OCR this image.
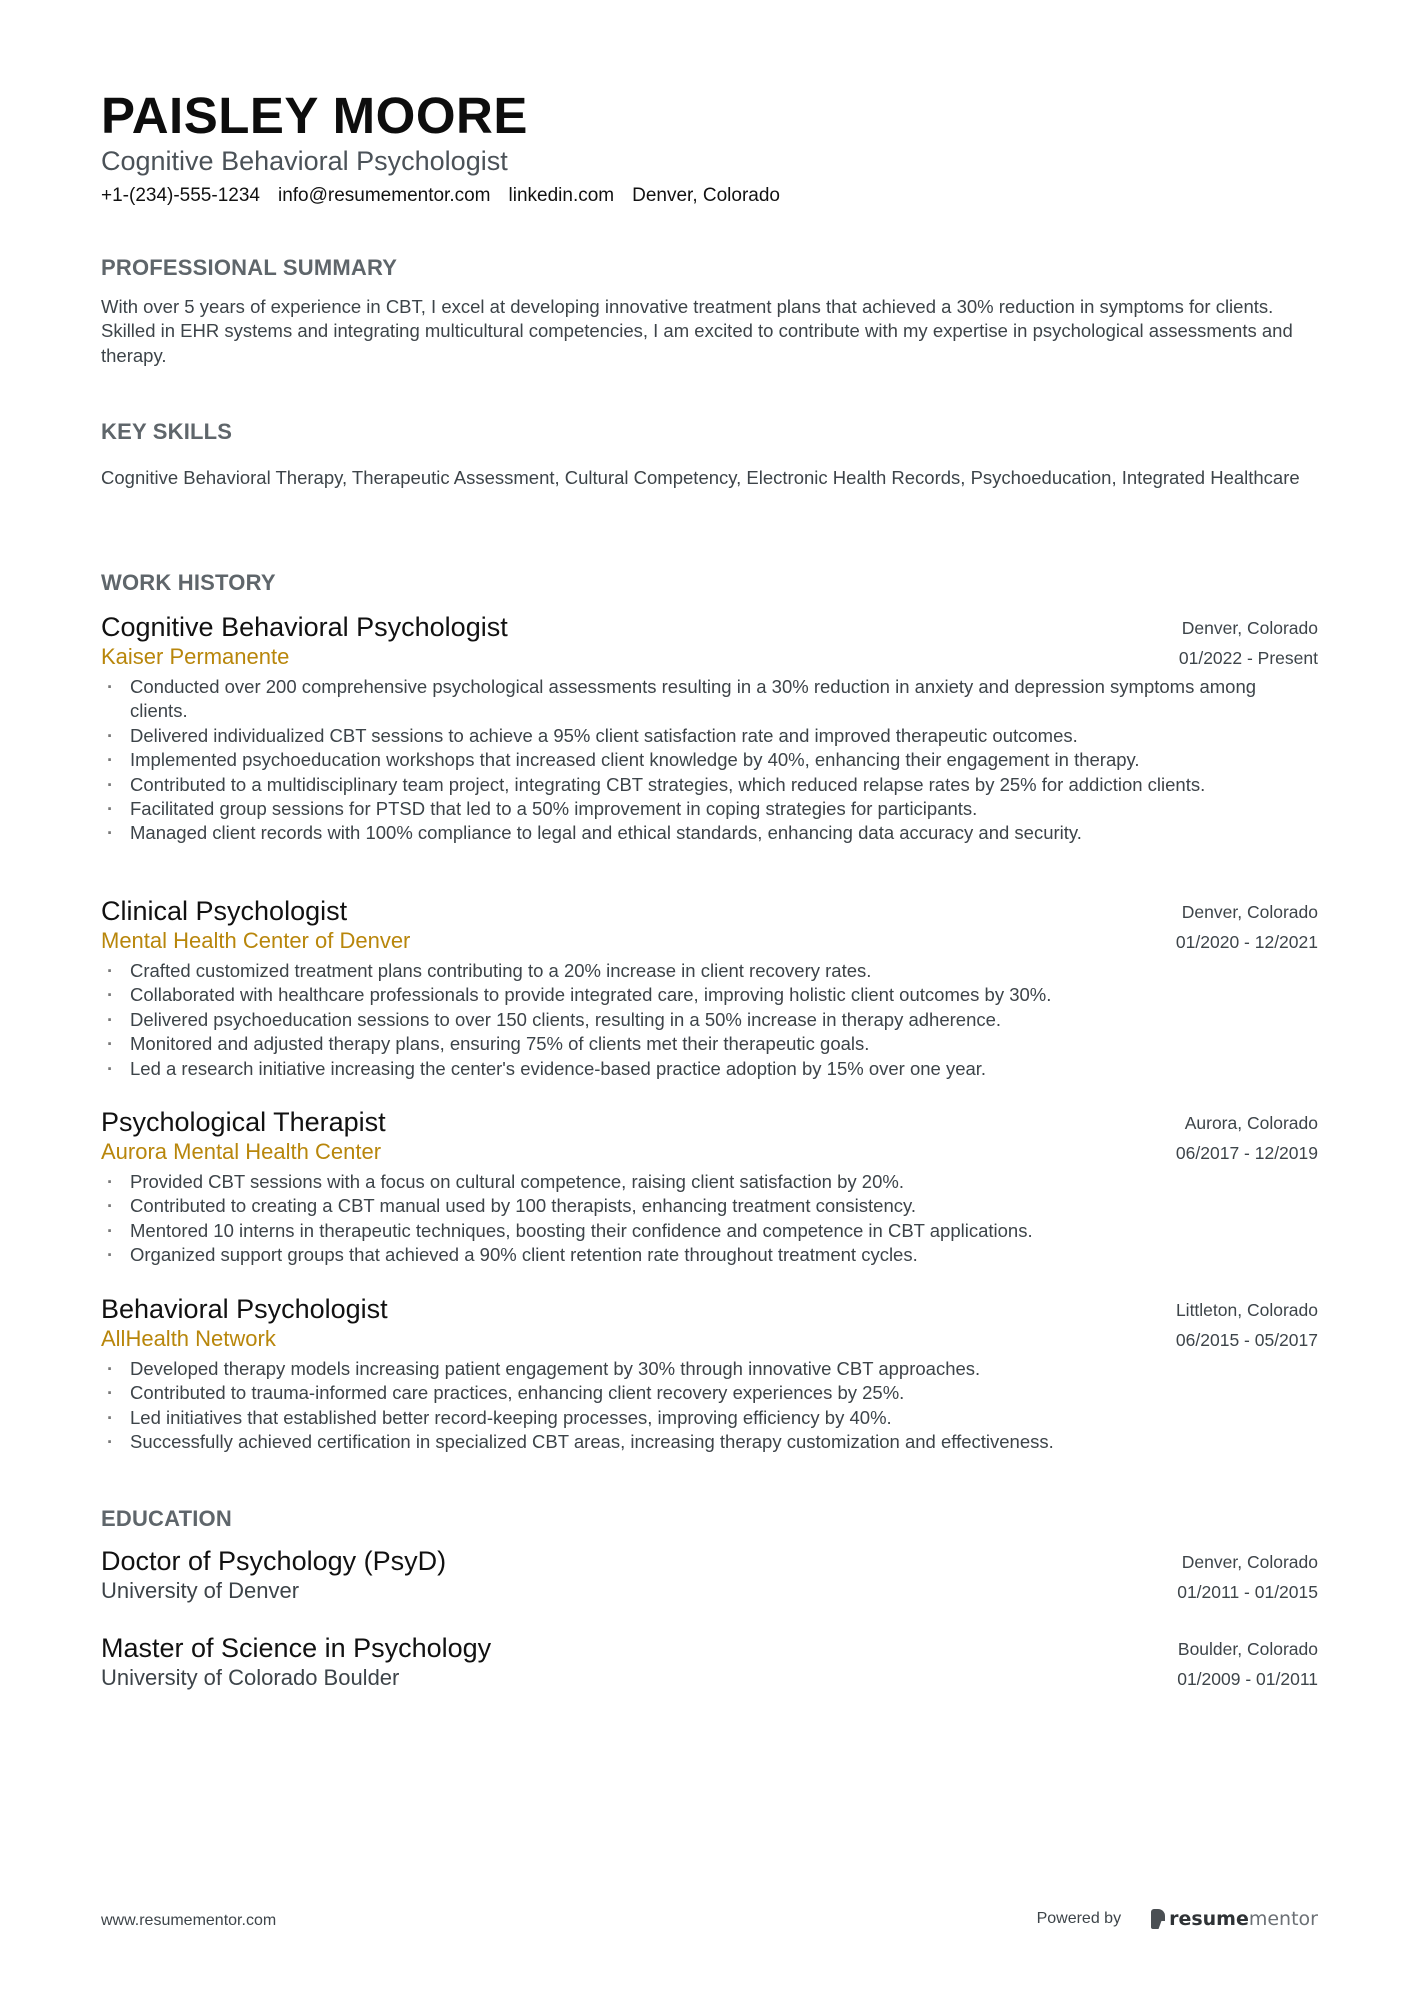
PAISLEY MOORE
Cognitive Behavioral Psychologist
+1-(234)-555-1234 info@resumementor.com linkedin.com Denver, Colorado
PROFESSIONAL SUMMARY
With over 5 years of experience in CBT, I excel at developing innovative treatment plans that achieved a 30% reduction in symptoms for clients. Skilled in EHR systems and integrating multicultural competencies, I am excited to contribute with my expertise in psychological assessments and therapy.
KEY SKILLS
Cognitive Behavioral Therapy, Therapeutic Assessment, Cultural Competency, Electronic Health Records, Psychoeducation, Integrated Healthcare
WORK HISTORY
Cognitive Behavioral Psychologist
Kaiser Permanente
Denver, Colorado
01/2022 - Present
· Conducted over 200 comprehensive psychological assessments resulting in a 30% reduction in anxiety and depression symptoms among clients.
· Delivered individualized CBT sessions to achieve a 95% client satisfaction rate and improved therapeutic outcomes.
· Implemented psychoeducation workshops that increased client knowledge by 40%, enhancing their engagement in therapy.
· Contributed to a multidisciplinary team project, integrating CBT strategies, which reduced relapse rates by 25% for addiction clients.
· Facilitated group sessions for PTSD that led to a 50% improvement in coping strategies for participants.
· Managed client records with 100% compliance to legal and ethical standards, enhancing data accuracy and security.
Clinical Psychologist
Mental Health Center of Denver
Denver, Colorado
01/2020 - 12/2021
· Crafted customized treatment plans contributing to a 20% increase in client recovery rates.
· Collaborated with healthcare professionals to provide integrated care, improving holistic client outcomes by 30%.
· Delivered psychoeducation sessions to over 150 clients, resulting in a 50% increase in therapy adherence.
· Monitored and adjusted therapy plans, ensuring 75% of clients met their therapeutic goals.
· Led a research initiative increasing the center's evidence-based practice adoption by 15% over one year.
Psychological Therapist
Aurora Mental Health Center
Aurora, Colorado
06/2017 - 12/2019
· Provided CBT sessions with a focus on cultural competence, raising client satisfaction by 20%.
· Contributed to creating a CBT manual used by 100 therapists, enhancing treatment consistency.
· Mentored 10 interns in therapeutic techniques, boosting their confidence and competence in CBT applications.
· Organized support groups that achieved a 90% client retention rate throughout treatment cycles.
Behavioral Psychologist
AllHealth Network
Littleton, Colorado
06/2015 - 05/2017
· Developed therapy models increasing patient engagement by 30% through innovative CBT approaches.
· Contributed to trauma-informed care practices, enhancing client recovery experiences by 25%.
· Led initiatives that established better record-keeping processes, improving efficiency by 40%.
· Successfully achieved certification in specialized CBT areas, increasing therapy customization and effectiveness.
EDUCATION
Doctor of Psychology (PsyD)
University of Denver
Denver, Colorado
01/2011 - 01/2015
Master of Science in Psychology
University of Colorado Boulder
Boulder, Colorado
01/2009 - 01/2011
www.resumementor.com	Powered by	resumementor
